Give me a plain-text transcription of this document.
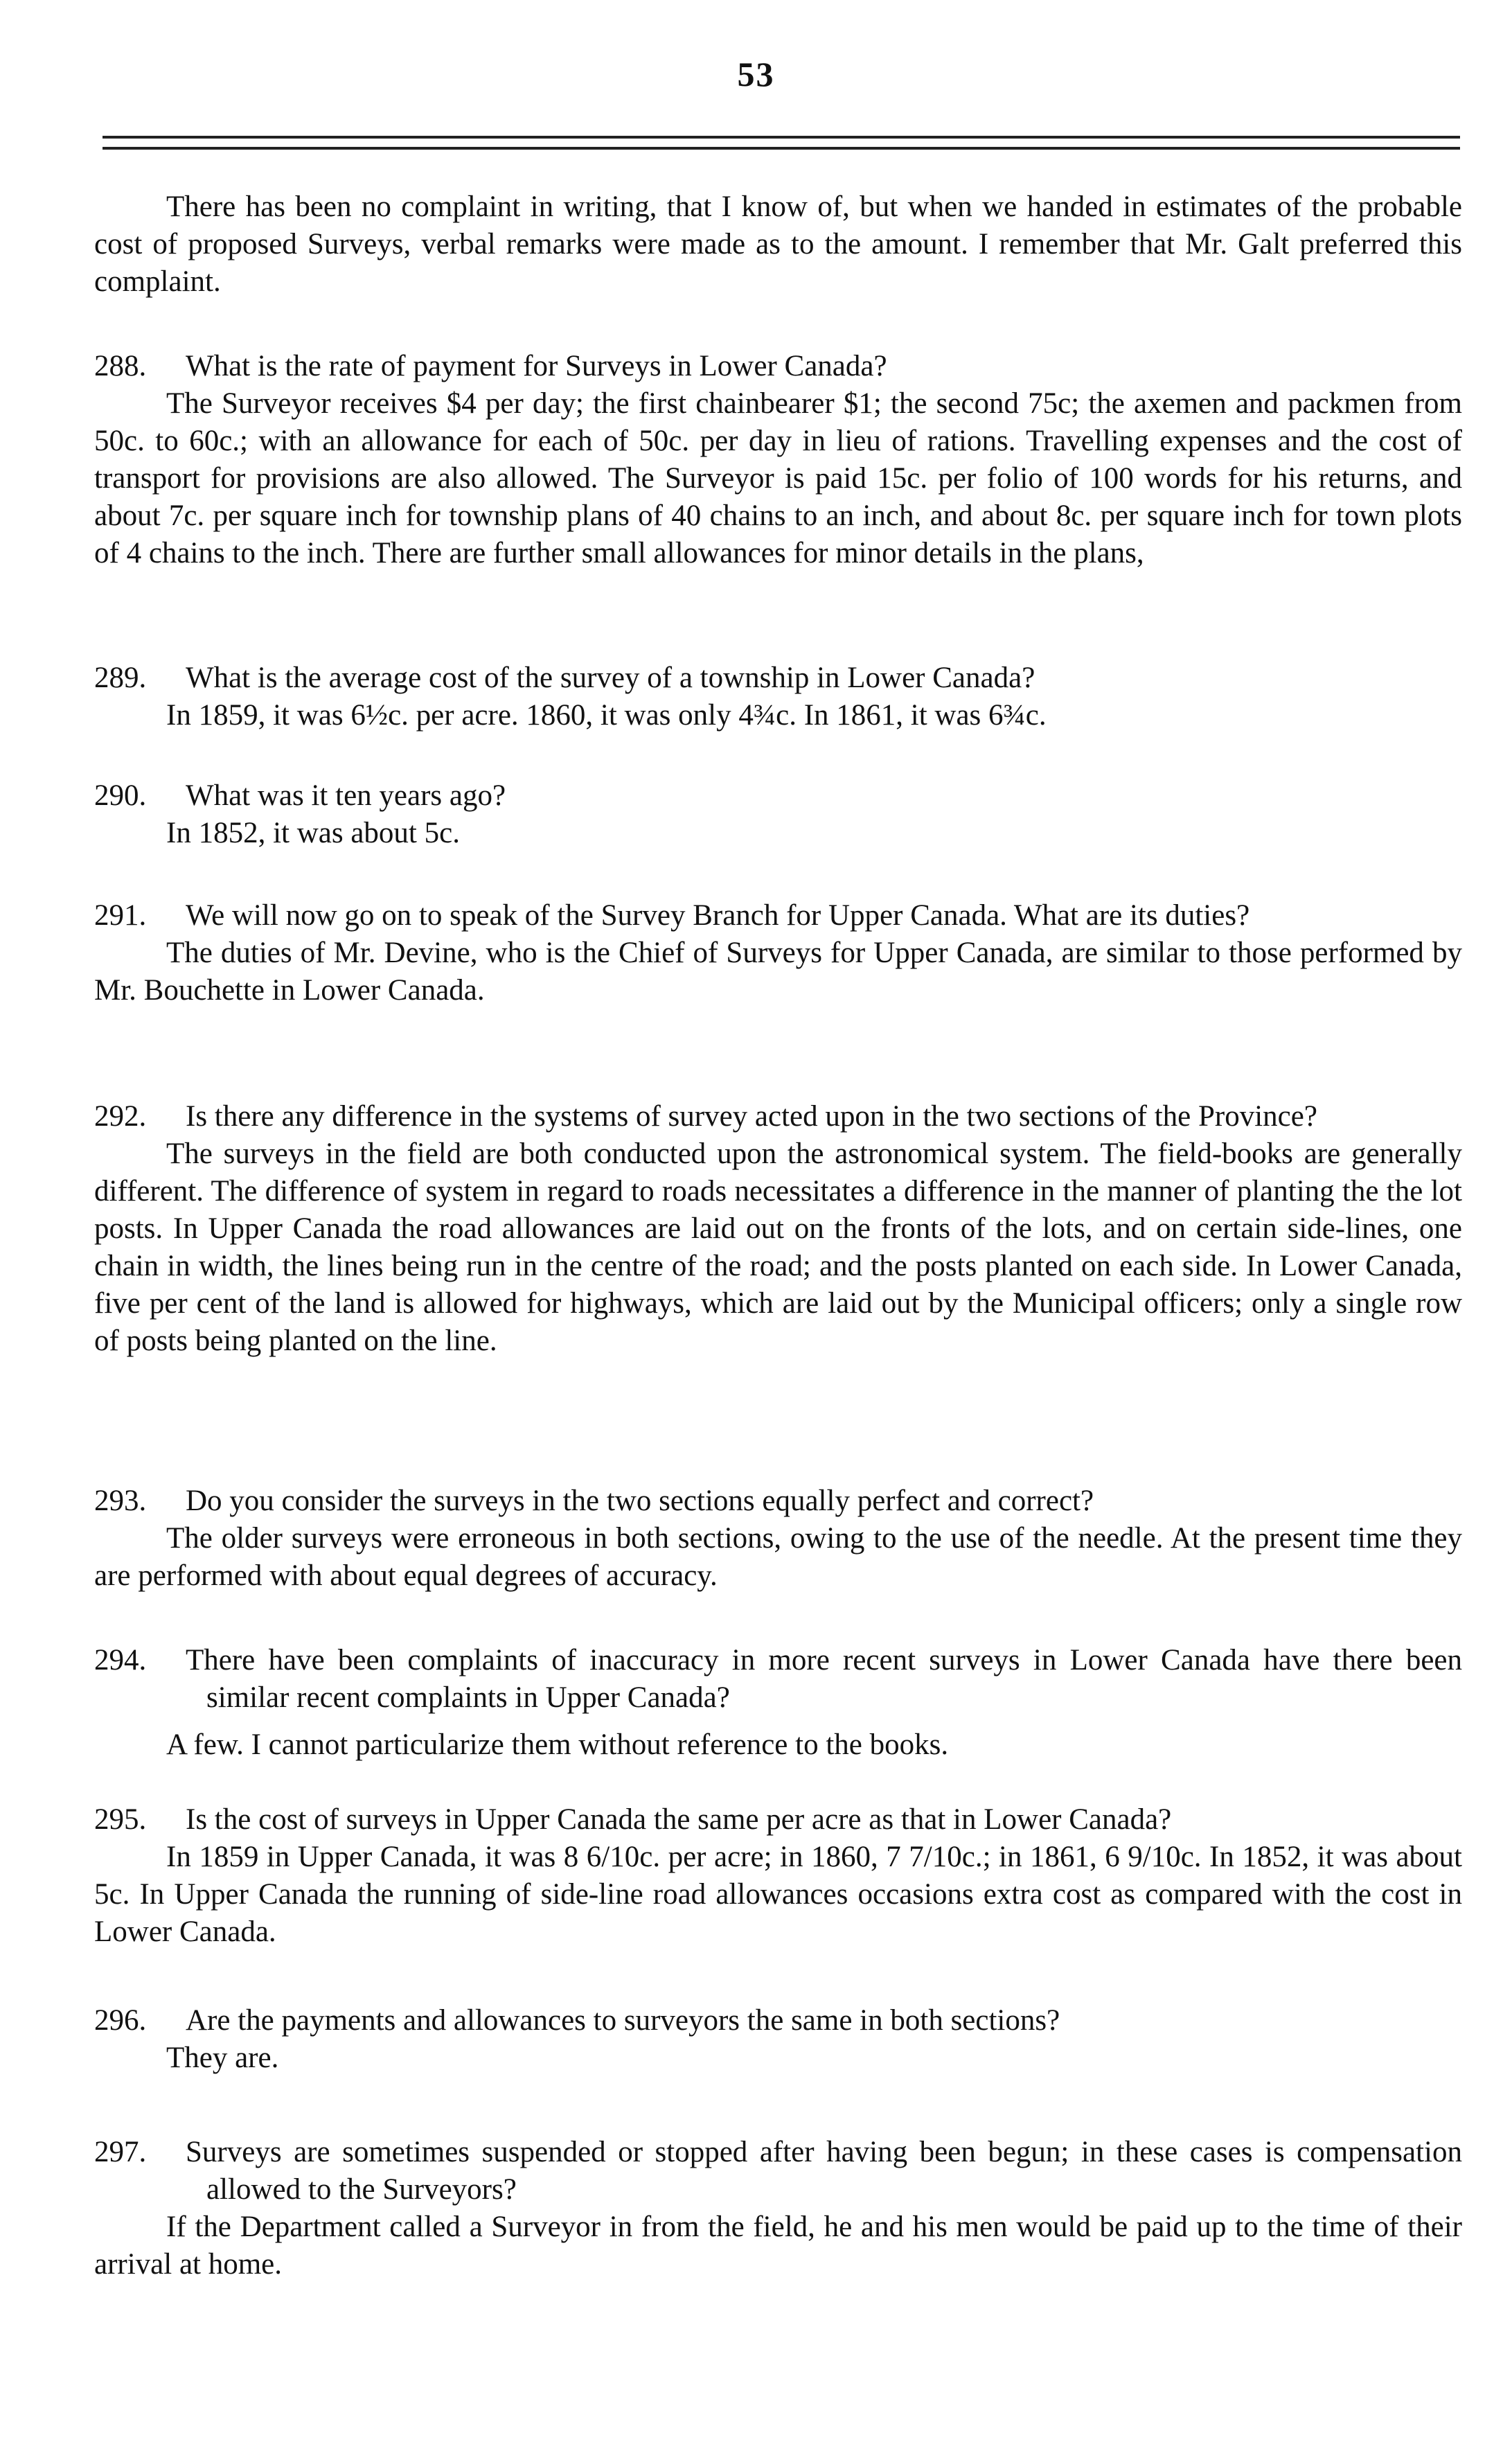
53

There has been no complaint in writing, that I know of, but when we handed in estimates of the probable cost of proposed Surveys, verbal remarks were made as to the amount. I remember that Mr. Galt preferred this complaint.

288. What is the rate of payment for Surveys in Lower Canada?

The Surveyor receives $4 per day; the first chainbearer $1; the second 75c; the axemen and packmen from 50c. to 60c.; with an allowance for each of 50c. per day in lieu of rations. Travelling expenses and the cost of transport for provisions are also allowed. The Surveyor is paid 15c. per folio of 100 words for his returns, and about 7c. per square inch for township plans of 40 chains to an inch, and about 8c. per square inch for town plots of 4 chains to the inch. There are further small allowances for minor details in the plans,

289. What is the average cost of the survey of a township in Lower Canada?

In 1859, it was 6½c. per acre. 1860, it was only 4¾c. In 1861, it was 6¾c.

290. What was it ten years ago?

In 1852, it was about 5c.

291. We will now go on to speak of the Survey Branch for Upper Canada. What are its duties?

The duties of Mr. Devine, who is the Chief of Surveys for Upper Canada, are similar to those performed by Mr. Bouchette in Lower Canada.

292. Is there any difference in the systems of survey acted upon in the two sections of the Province?

The surveys in the field are both conducted upon the astronomical system. The field-books are generally different. The difference of system in regard to roads necessitates a difference in the manner of planting the the lot posts. In Upper Canada the road allowances are laid out on the fronts of the lots, and on certain side-lines, one chain in width, the lines being run in the centre of the road; and the posts planted on each side. In Lower Canada, five per cent of the land is allowed for highways, which are laid out by the Municipal officers; only a single row of posts being planted on the line.

293. Do you consider the surveys in the two sections equally perfect and correct?

The older surveys were erroneous in both sections, owing to the use of the needle. At the present time they are performed with about equal degrees of accuracy.

294. There have been complaints of inaccuracy in more recent surveys in Lower Canada have there been similar recent complaints in Upper Canada?

A few. I cannot particularize them without reference to the books.

295. Is the cost of surveys in Upper Canada the same per acre as that in Lower Canada?

In 1859 in Upper Canada, it was 8 6/10c. per acre; in 1860, 7 7/10c.; in 1861, 6 9/10c. In 1852, it was about 5c. In Upper Canada the running of side-line road allowances occasions extra cost as compared with the cost in Lower Canada.

296. Are the payments and allowances to surveyors the same in both sections?

They are.

297. Surveys are sometimes suspended or stopped after having been begun; in these cases is compensation allowed to the Surveyors?

If the Department called a Surveyor in from the field, he and his men would be paid up to the time of their arrival at home.
